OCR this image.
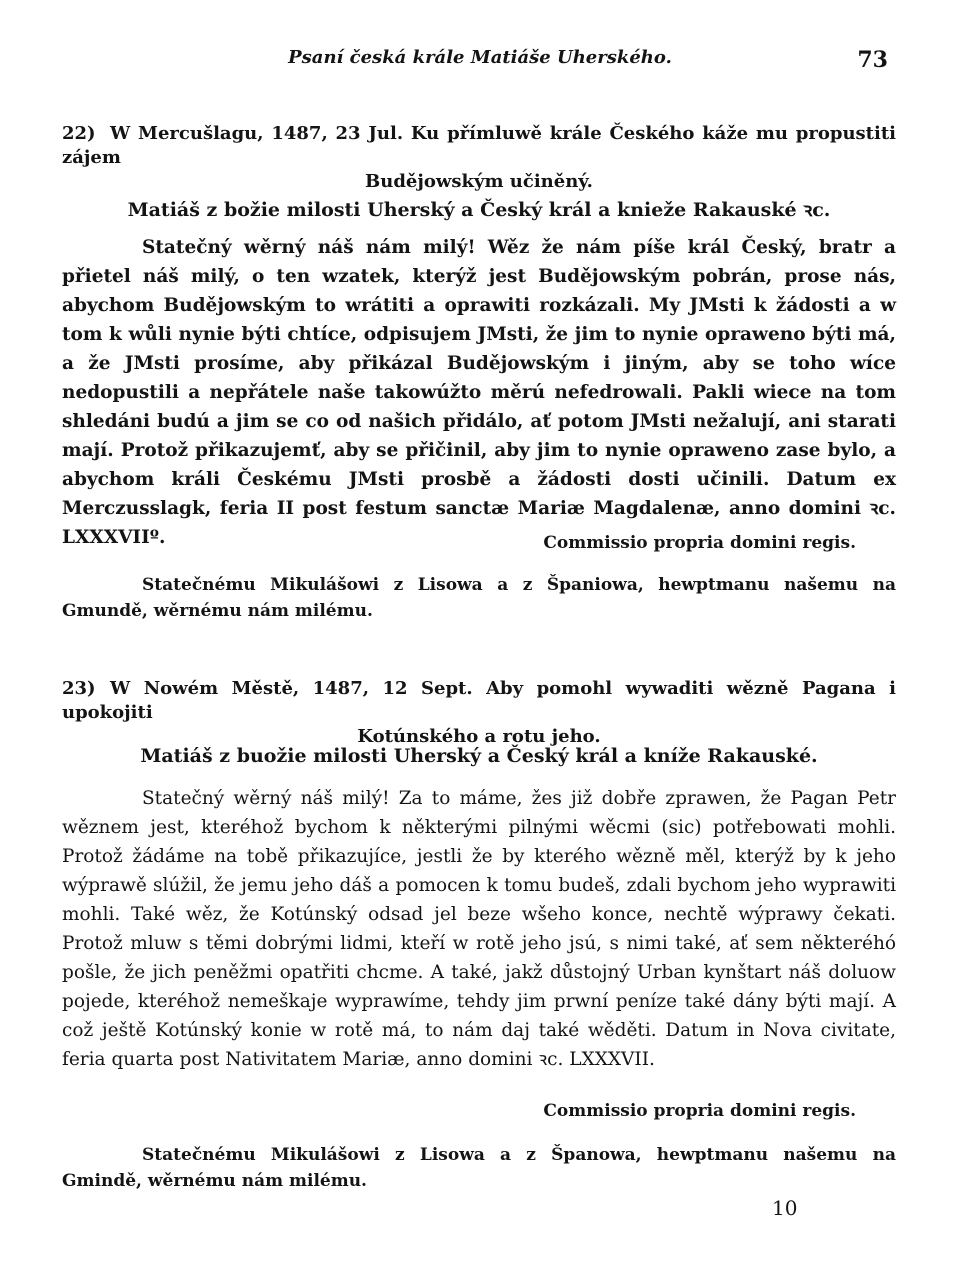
Psaní česká krále Matiáše Uherského.	73
22) W Mercušlagu, 1487, 23 Jul. Ku přímluwě krále Českého káže mu propustiti zájem
Budějowským učiněný.
Matiáš z božie milosti Uherský a Český král a knieže Rakauské ꝛc.
Statečný wěrný náš nám milý! Wěz že nám píše král Český, bratr a přietel náš milý, o ten wzatek, kterýž jest Budějowským pobrán, prose nás, abychom Budějowským to wrátiti a oprawiti rozkázali. My JMsti k žádosti a w tom k wůli nynie býti chtíce, odpisujem JMsti, že jim to nynie opraweno býti má, a že JMsti prosíme, aby přikázal Budějowským i jiným, aby se toho wíce nedopustili a nepřátele naše takowúžto měrú nefedrowali. Pakli wiece na tom shledáni budú a jim se co od našich přidálo, ať potom JMsti nežalují, ani starati mají. Protož přikazujemť, aby se přičinil, aby jim to nynie opraweno zase bylo, a abychom králi Českému JMsti prosbě a žádosti dosti učinili. Datum ex Merczusslagk, feria II post festum sanctæ Mariæ Magdalenæ, anno domini ꝛc. LXXXVIIº.	Commissio propria domini regis.
Statečnému Mikulášowi z Lisowa a z Španiowa, hewptmanu našemu na Gmundě, wěrnému nám milému.
23) W Nowém Městě, 1487, 12 Sept. Aby pomohl wywaditi wězně Pagana i upokojiti
Kotúnského a rotu jeho.
Matiáš z buožie milosti Uherský a Český král a kníže Rakauské.
Statečný wěrný náš milý! Za to máme, žes již dobře zprawen, že Pagan Petr wěznem jest, kteréhož bychom k některými pilnými wěcmi (sic) potřebowati mohli. Protož žádáme na tobě přikazujíce, jestli že by kterého wězně měl, kterýž by k jeho wýprawě slúžil, že jemu jeho dáš a pomocen k tomu budeš, zdali bychom jeho wyprawiti mohli. Také wěz, že Kotúnský odsad jel beze wšeho konce, nechtě wýprawy čekati. Protož mluw s těmi dobrými lidmi, kteří w rotě jeho jsú, s nimi také, ať sem některéhó pošle, že jich peněžmi opatřiti chcme. A také, jakž důstojný Urban kynštart náš doluow pojede, kteréhož nemeškaje wyprawíme, tehdy jim prwní peníze také dány býti mají. A což ještě Kotúnský konie w rotě má, to nám daj také wěděti. Datum in Nova civitate, feria quarta post Nativitatem Mariæ, anno domini ꝛc. LXXXVII.
Commissio propria domini regis.
Statečnému Mikulášowi z Lisowa a z Španowa, hewptmanu našemu na Gmindě, wěrnému nám milému.
10
